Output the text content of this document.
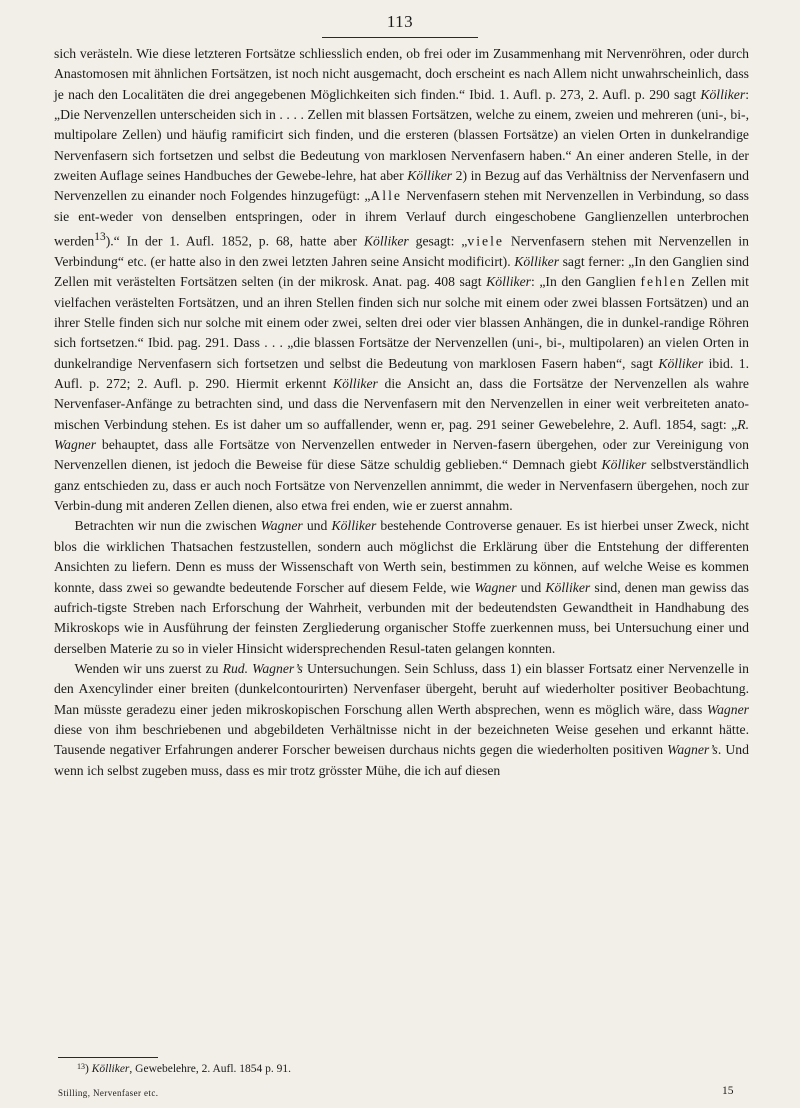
113

sich verästeln. Wie diese letzteren Fortsätze schliesslich enden, ob frei oder im Zusammenhang mit Nervenröhren, oder durch Anastomosen mit ähnlichen Fortsätzen, ist noch nicht ausgemacht, doch erscheint es nach Allem nicht unwahrscheinlich, dass je nach den Localitäten die drei angegebenen Möglichkeiten sich finden.“ Ibid. 1. Aufl. p. 273, 2. Aufl. p. 290 sagt Kölliker: „Die Nervenzellen unterscheiden sich in . . . . Zellen mit blassen Fortsätzen, welche zu einem, zweien und mehreren (uni-, bi-, multipolare Zellen) und häufig ramificirt sich finden, und die ersteren (blassen Fortsätze) an vielen Orten in dunkelrandige Nervenfasern sich fortsetzen und selbst die Bedeutung von marklosen Nervenfasern haben.“ An einer anderen Stelle, in der zweiten Auflage seines Handbuches der Gewebe-lehre, hat aber Kölliker 2) in Bezug auf das Verhältniss der Nervenfasern und Nervenzellen zu einander noch Folgendes hinzugefügt: „Alle Nervenfasern stehen mit Nervenzellen in Verbindung, so dass sie ent-weder von denselben entspringen, oder in ihrem Verlauf durch eingeschobene Ganglienzellen unterbrochen werden$^{13}$).“ In der 1. Aufl. 1852, p. 68, hatte aber Kölliker gesagt: „viele Nervenfasern stehen mit Nervenzellen in Verbindung“ etc. (er hatte also in den zwei letzten Jahren seine Ansicht modificirt). Kölliker sagt ferner: „In den Ganglien sind Zellen mit verästelten Fortsätzen selten (in der mikrosk. Anat. pag. 408 sagt Kölliker: „In den Ganglien fehlen Zellen mit vielfachen verästelten Fortsätzen, und an ihren Stellen finden sich nur solche mit einem oder zwei blassen Fortsätzen) und an ihrer Stelle finden sich nur solche mit einem oder zwei, selten drei oder vier blassen Anhängen, die in dunkel-randige Röhren sich fortsetzen.“ Ibid. pag. 291. Dass . . . „die blassen Fortsätze der Nervenzellen (uni-, bi-, multipolaren) an vielen Orten in dunkelrandige Nervenfasern sich fortsetzen und selbst die Bedeutung von marklosen Fasern haben“, sagt Kölliker ibid. 1. Aufl. p. 272; 2. Aufl. p. 290. Hiermit erkennt Kölliker die Ansicht an, dass die Fortsätze der Nervenzellen als wahre Nervenfaser-Anfänge zu betrachten sind, und dass die Nervenfasern mit den Nervenzellen in einer weit verbreiteten anato-mischen Verbindung stehen. Es ist daher um so auffallender, wenn er, pag. 291 seiner Gewebelehre, 2. Aufl. 1854, sagt: „R. Wagner behauptet, dass alle Fortsätze von Nervenzellen entweder in Nerven-fasern übergehen, oder zur Vereinigung von Nervenzellen dienen, ist jedoch die Beweise für diese Sätze schuldig geblieben.“ Demnach giebt Kölliker selbstverständlich ganz entschieden zu, dass er auch noch Fortsätze von Nervenzellen annimmt, die weder in Nervenfasern übergehen, noch zur Verbin-dung mit anderen Zellen dienen, also etwa frei enden, wie er zuerst annahm.

Betrachten wir nun die zwischen Wagner und Kölliker bestehende Controverse genauer. Es ist hierbei unser Zweck, nicht blos die wirklichen Thatsachen festzustellen, sondern auch möglichst die Erklärung über die Entstehung der differenten Ansichten zu liefern. Denn es muss der Wissenschaft von Werth sein, bestimmen zu können, auf welche Weise es kommen konnte, dass zwei so gewandte bedeutende Forscher auf diesem Felde, wie Wagner und Kölliker sind, denen man gewiss das aufrich-tigste Streben nach Erforschung der Wahrheit, verbunden mit der bedeutendsten Gewandtheit in Handhabung des Mikroskops wie in Ausführung der feinsten Zergliederung organischer Stoffe zuerkennen muss, bei Untersuchung einer und derselben Materie zu so in vieler Hinsicht widersprechenden Resul-taten gelangen konnten.

Wenden wir uns zuerst zu Rud. Wagner’s Untersuchungen. Sein Schluss, dass 1) ein blasser Fortsatz einer Nervenzelle in den Axencylinder einer breiten (dunkelcontourirten) Nervenfaser übergeht, beruht auf wiederholter positiver Beobachtung. Man müsste geradezu einer jeden mikroskopischen Forschung allen Werth absprechen, wenn es möglich wäre, dass Wagner diese von ihm beschriebenen und abgebildeten Verhältnisse nicht in der bezeichneten Weise gesehen und erkannt hätte. Tausende negativer Erfahrungen anderer Forscher beweisen durchaus nichts gegen die wiederholten positiven Wagner’s. Und wenn ich selbst zugeben muss, dass es mir trotz grösster Mühe, die ich auf diesen

$^{13}$) Kölliker, Gewebelehre, 2. Aufl. 1854 p. 91.

Stilling, Nervenfaser etc.	15
